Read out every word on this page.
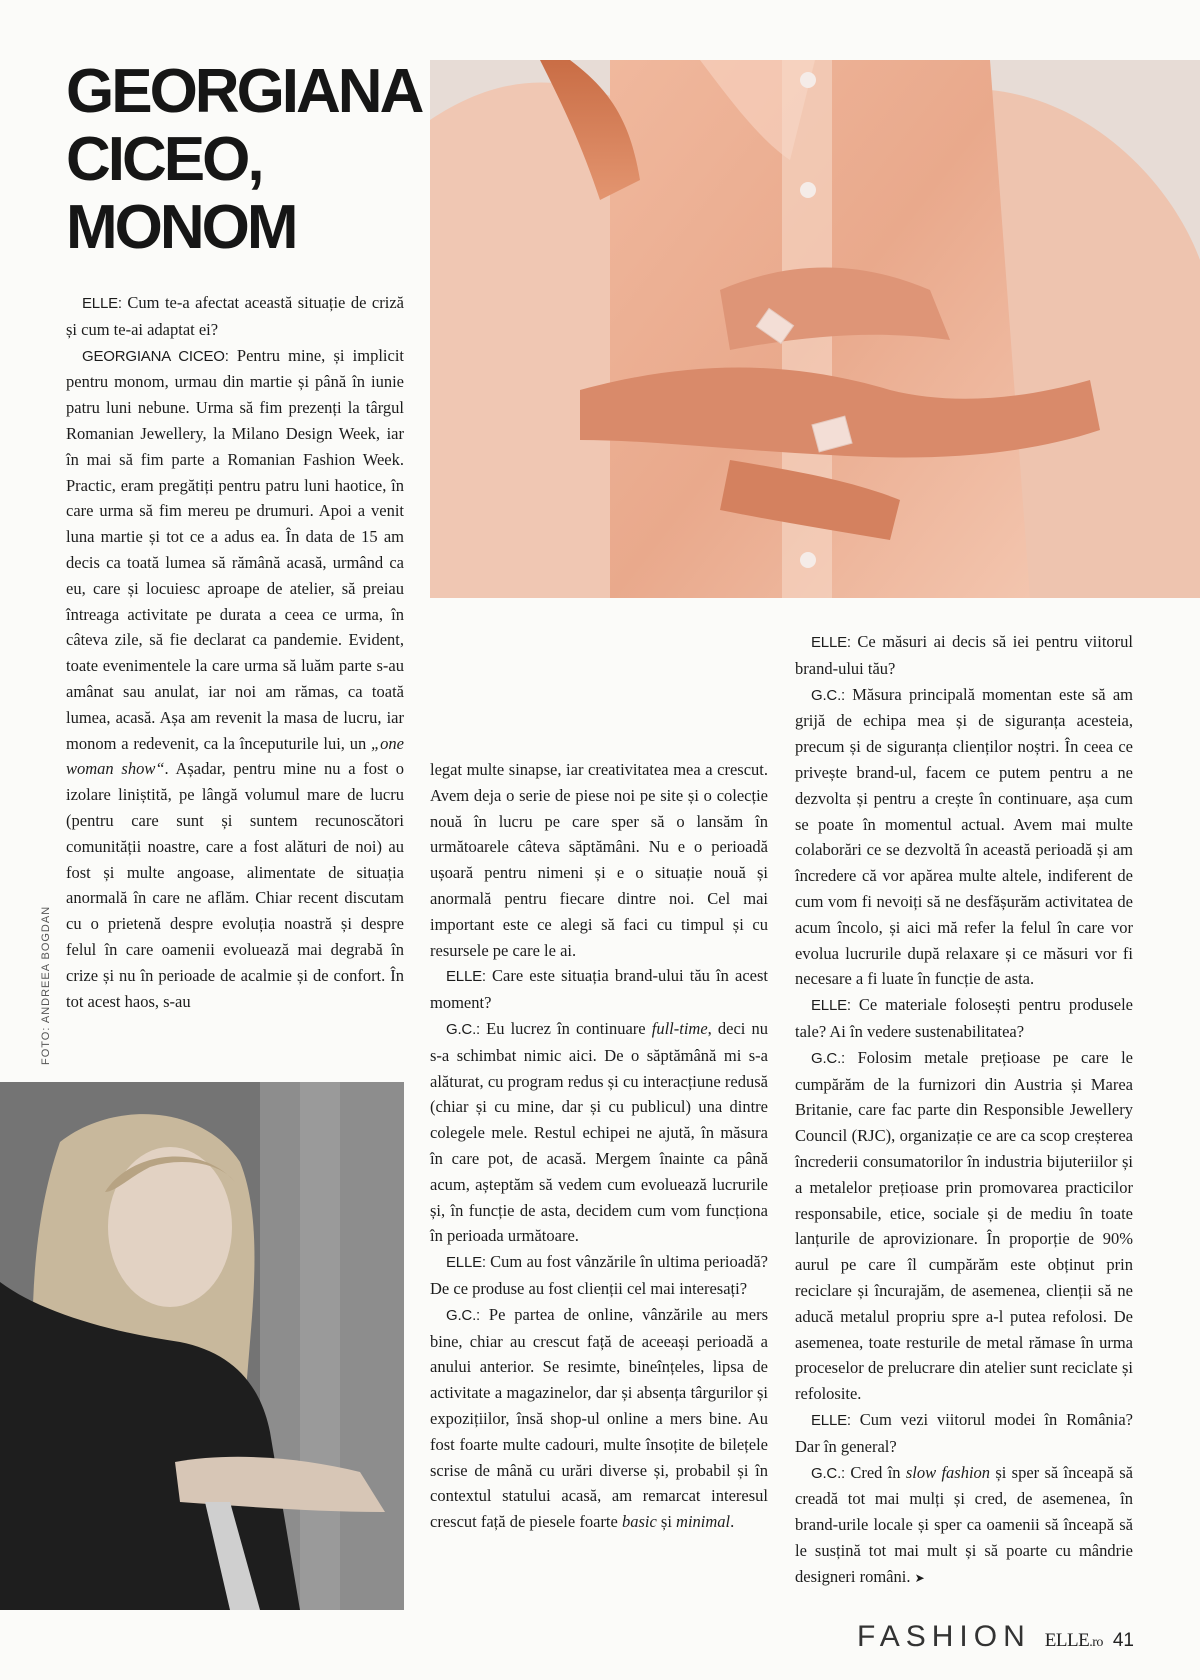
GEORGIANA CICEO,
MONOM
FOTO: ANDREEA BOGDAN

ELLE: Cum te-a afectat această situație de criză și cum te-ai adaptat ei?

GEORGIANA CICEO: Pentru mine, și implicit pentru monom, urmau din martie și până în iunie patru luni nebune. Urma să fim prezenți la târgul Romanian Jewellery, la Milano Design Week, iar în mai să fim parte a Romanian Fashion Week. Practic, eram pregătiți pentru patru luni haotice, în care urma să fim mereu pe drumuri. Apoi a venit luna martie și tot ce a adus ea. În data de 15 am decis ca toată lumea să rămână acasă, urmând ca eu, care și locuiesc aproape de atelier, să preiau întreaga activitate pe durata a ceea ce urma, în câteva zile, să fie declarat ca pandemie. Evident, toate evenimentele la care urma să luăm parte s-au amânat sau anulat, iar noi am rămas, ca toată lumea, acasă. Așa am revenit la masa de lucru, iar monom a redevenit, ca la începuturile lui, un „one woman show“. Așadar, pentru mine nu a fost o izolare liniștită, pe lângă volumul mare de lucru (pentru care sunt și suntem recunoscători comunității noastre, care a fost alături de noi) au fost și multe angoase, alimentate de situația anormală în care ne aflăm. Chiar recent discutam cu o prietenă despre evoluția noastră și despre felul în care oamenii evoluează mai degrabă în crize și nu în perioade de acalmie și de confort. În tot acest haos, s-au

legat multe sinapse, iar creativitatea mea a crescut. Avem deja o serie de piese noi pe site și o colecție nouă în lucru pe care sper să o lansăm în următoarele câteva săptămâni. Nu e o perioadă ușoară pentru nimeni și e o situație nouă și anormală pentru fiecare dintre noi. Cel mai important este ce alegi să faci cu timpul și cu resursele pe care le ai.

ELLE: Care este situația brand-ului tău în acest moment?

G.C.: Eu lucrez în continuare full-time, deci nu s-a schimbat nimic aici. De o săptămână mi s-a alăturat, cu program redus și cu interacțiune redusă (chiar și cu mine, dar și cu publicul) una dintre colegele mele. Restul echipei ne ajută, în măsura în care pot, de acasă. Mergem înainte ca până acum, așteptăm să vedem cum evoluează lucrurile și, în funcție de asta, decidem cum vom funcționa în perioada următoare.

ELLE: Cum au fost vânzările în ultima perioadă? De ce produse au fost clienții cel mai interesați?

G.C.: Pe partea de online, vânzările au mers bine, chiar au crescut față de aceeași perioadă a anului anterior. Se resimte, bineînțeles, lipsa de activitate a magazinelor, dar și absența târgurilor și expozițiilor, însă shop-ul online a mers bine. Au fost foarte multe cadouri, multe însoțite de bilețele scrise de mână cu urări diverse și, probabil și în contextul statului acasă, am remarcat interesul crescut față de piesele foarte basic și minimal.

ELLE: Ce măsuri ai decis să iei pentru viitorul brand-ului tău?

G.C.: Măsura principală momentan este să am grijă de echipa mea și de siguranța acesteia, precum și de siguranța clienților noștri. În ceea ce privește brand-ul, facem ce putem pentru a ne dezvolta și pentru a crește în continuare, așa cum se poate în momentul actual. Avem mai multe colaborări ce se dezvoltă în această perioadă și am încredere că vor apărea multe altele, indiferent de cum vom fi nevoiți să ne desfășurăm activitatea de acum încolo, și aici mă refer la felul în care vor evolua lucrurile după relaxare și ce măsuri vor fi necesare a fi luate în funcție de asta.

ELLE: Ce materiale folosești pentru produsele tale? Ai în vedere sustenabilitatea?

G.C.: Folosim metale prețioase pe care le cumpărăm de la furnizori din Austria și Marea Britanie, care fac parte din Responsible Jewellery Council (RJC), organizație ce are ca scop creșterea încrederii consumatorilor în industria bijuteriilor și a metalelor prețioase prin promovarea practicilor responsabile, etice, sociale și de mediu în toate lanțurile de aprovizionare. În proporție de 90% aurul pe care îl cumpărăm este obținut prin reciclare și încurajăm, de asemenea, clienții să ne aducă metalul propriu spre a-l putea refolosi. De asemenea, toate resturile de metal rămase în urma proceselor de prelucrare din atelier sunt reciclate și refolosite.

ELLE: Cum vezi viitorul modei în România? Dar în general?

G.C.: Cred în slow fashion și sper să înceapă să creadă tot mai mulți și cred, de asemenea, în brand-urile locale și sper ca oamenii să înceapă să le susțină tot mai mult și să poarte cu mândrie designeri români. ➤

FASHION ELLE.ro 41
